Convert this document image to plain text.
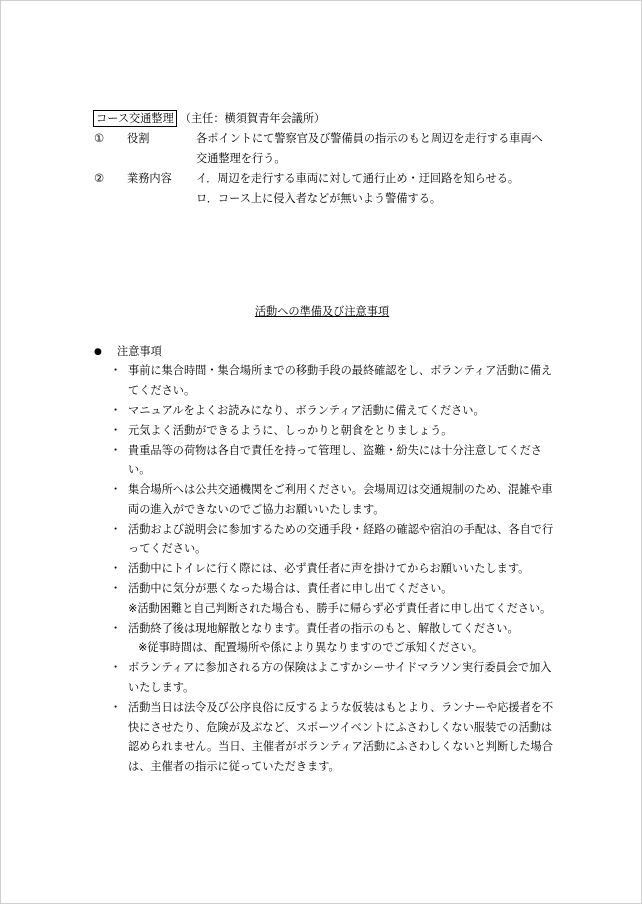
コース交通整理 （主任：横須賀青年会議所）
① 役割	各ポイントにて警察官及び警備員の指示のもと周辺を走行する車両へ
交通整理を行う。
② 業務内容 イ．周辺を走行する車両に対して通行止め・迂回路を知らせる。
ロ．コース上に侵入者などが無いよう警備する。
活動への準備及び注意事項
● 注意事項
・ 事前に集合時間・集合場所までの移動手段の最終確認をし、ボランティア活動に備えてください。
・ マニュアルをよくお読みになり、ボランティア活動に備えてください。
・ 元気よく活動ができるように、しっかりと朝食をとりましょう。
・ 貴重品等の荷物は各自で責任を持って管理し、盗難・紛失には十分注意してください。
・ 集合場所へは公共交通機関をご利用ください。会場周辺は交通規制のため、混雑や車両の進入ができないのでご協力お願いいたします。
・ 活動および説明会に参加するための交通手段・経路の確認や宿泊の手配は、各自で行ってください。
・ 活動中にトイレに行く際には、必ず責任者に声を掛けてからお願いいたします。
・ 活動中に気分が悪くなった場合は、責任者に申し出てください。
※活動困難と自己判断された場合も、勝手に帰らず必ず責任者に申し出てください。
・ 活動終了後は現地解散となります。責任者の指示のもと、解散してください。
※従事時間は、配置場所や係により異なりますのでご承知ください。
・ ボランティアに参加される方の保険はよこすかシーサイドマラソン実行委員会で加入いたします。
・ 活動当日は法令及び公序良俗に反するような仮装はもとより、ランナーや応援者を不快にさせたり、危険が及ぶなど、スポーツイベントにふさわしくない服装での活動は認められません。当日、主催者がボランティア活動にふさわしくないと判断した場合は、主催者の指示に従っていただきます。
